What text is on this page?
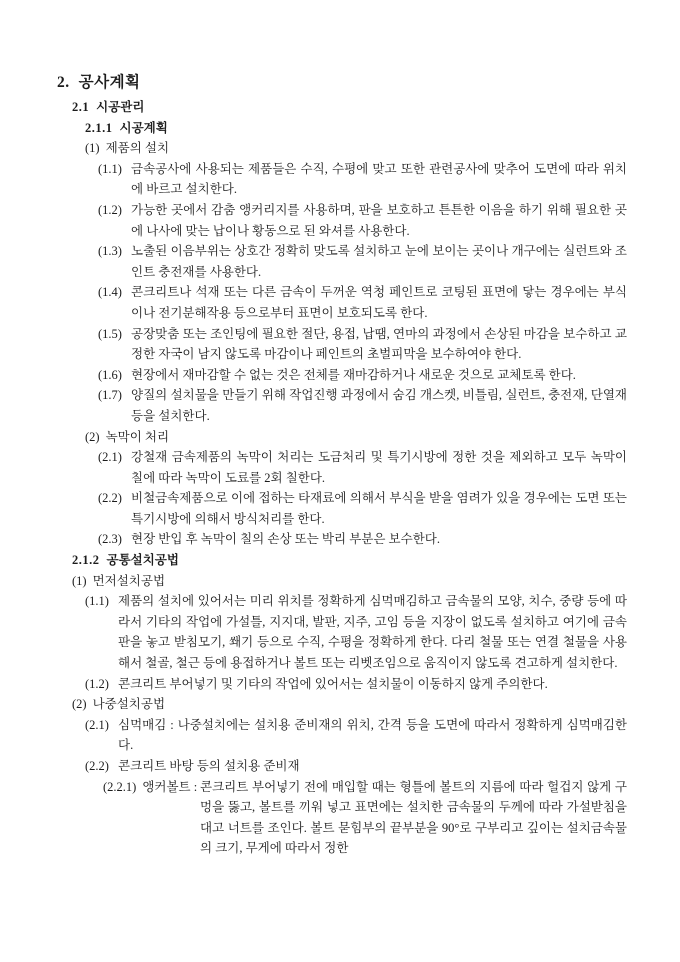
2. 공사계획
2.1 시공관리
2.1.1 시공계획
(1) 제품의 설치
(1.1) 금속공사에 사용되는 제품들은 수직, 수평에 맞고 또한 관련공사에 맞추어 도면에 따라 위치에 바르고 설치한다.
(1.2) 가능한 곳에서 감춤 앵커리지를 사용하며, 판을 보호하고 튼튼한 이음을 하기 위해 필요한 곳에 나사에 맞는 납이나 황동으로 된 와셔를 사용한다.
(1.3) 노출된 이음부위는 상호간 정확히 맞도록 설치하고 눈에 보이는 곳이나 개구에는 실런트와 조인트 충전재를 사용한다.
(1.4) 콘크리트나 석재 또는 다른 금속이 두꺼운 역청 페인트로 코팅된 표면에 닿는 경우에는 부식이나 전기분해작용 등으로부터 표면이 보호되도록 한다.
(1.5) 공장맞춤 또는 조인팅에 필요한 절단, 용접, 납땜, 연마의 과정에서 손상된 마감을 보수하고 교정한 자국이 남지 않도록 마감이나 페인트의 초벌피막을 보수하여야 한다.
(1.6) 현장에서 재마감할 수 없는 것은 전체를 재마감하거나 새로운 것으로 교체토록 한다.
(1.7) 양질의 설치물을 만들기 위해 작업진행 과정에서 숨김 개스켓, 비틀림, 실런트, 충전재, 단열재 등을 설치한다.
(2) 녹막이 처리
(2.1) 강철재 금속제품의 녹막이 처리는 도금처리 및 특기시방에 정한 것을 제외하고 모두 녹막이 칠에 따라 녹막이 도료를 2회 칠한다.
(2.2) 비철금속제품으로 이에 접하는 타재료에 의해서 부식을 받을 염려가 있을 경우에는 도면 또는 특기시방에 의해서 방식처리를 한다.
(2.3) 현장 반입 후 녹막이 칠의 손상 또는 박리 부분은 보수한다.
2.1.2 공통설치공법
(1) 먼저설치공법
(1.1) 제품의 설치에 있어서는 미리 위치를 정확하게 심먹매김하고 금속물의 모양, 치수, 중량 등에 따라서 기타의 작업에 가설틀, 지지대, 발판, 지주, 고임 등을 지장이 없도록 설치하고 여기에 금속판을 놓고 받침모기, 쐐기 등으로 수직, 수평을 정확하게 한다. 다리 철물 또는 연결 철물을 사용해서 철골, 철근 등에 용접하거나 볼트 또는 리벳조임으로 움직이지 않도록 견고하게 설치한다.
(1.2) 콘크리트 부어넣기 및 기타의 작업에 있어서는 설치물이 이동하지 않게 주의한다.
(2) 나중설치공법
(2.1) 심먹매김 : 나중설치에는 설치용 준비재의 위치, 간격 등을 도면에 따라서 정확하게 심먹매김한다.
(2.2) 콘크리트 바탕 등의 설치용 준비재
(2.2.1) 앵커볼트 : 콘크리트 부어넣기 전에 매입할 때는 형틀에 볼트의 지름에 따라 헐겁지 않게 구멍을 뚫고, 볼트를 끼워 넣고 표면에는 설치한 금속물의 두께에 따라 가설받침을 대고 너트를 조인다. 볼트 묻힘부의 끝부분을 90°로 구부리고 깊이는 설치금속물의 크기, 무게에 따라서 정한
